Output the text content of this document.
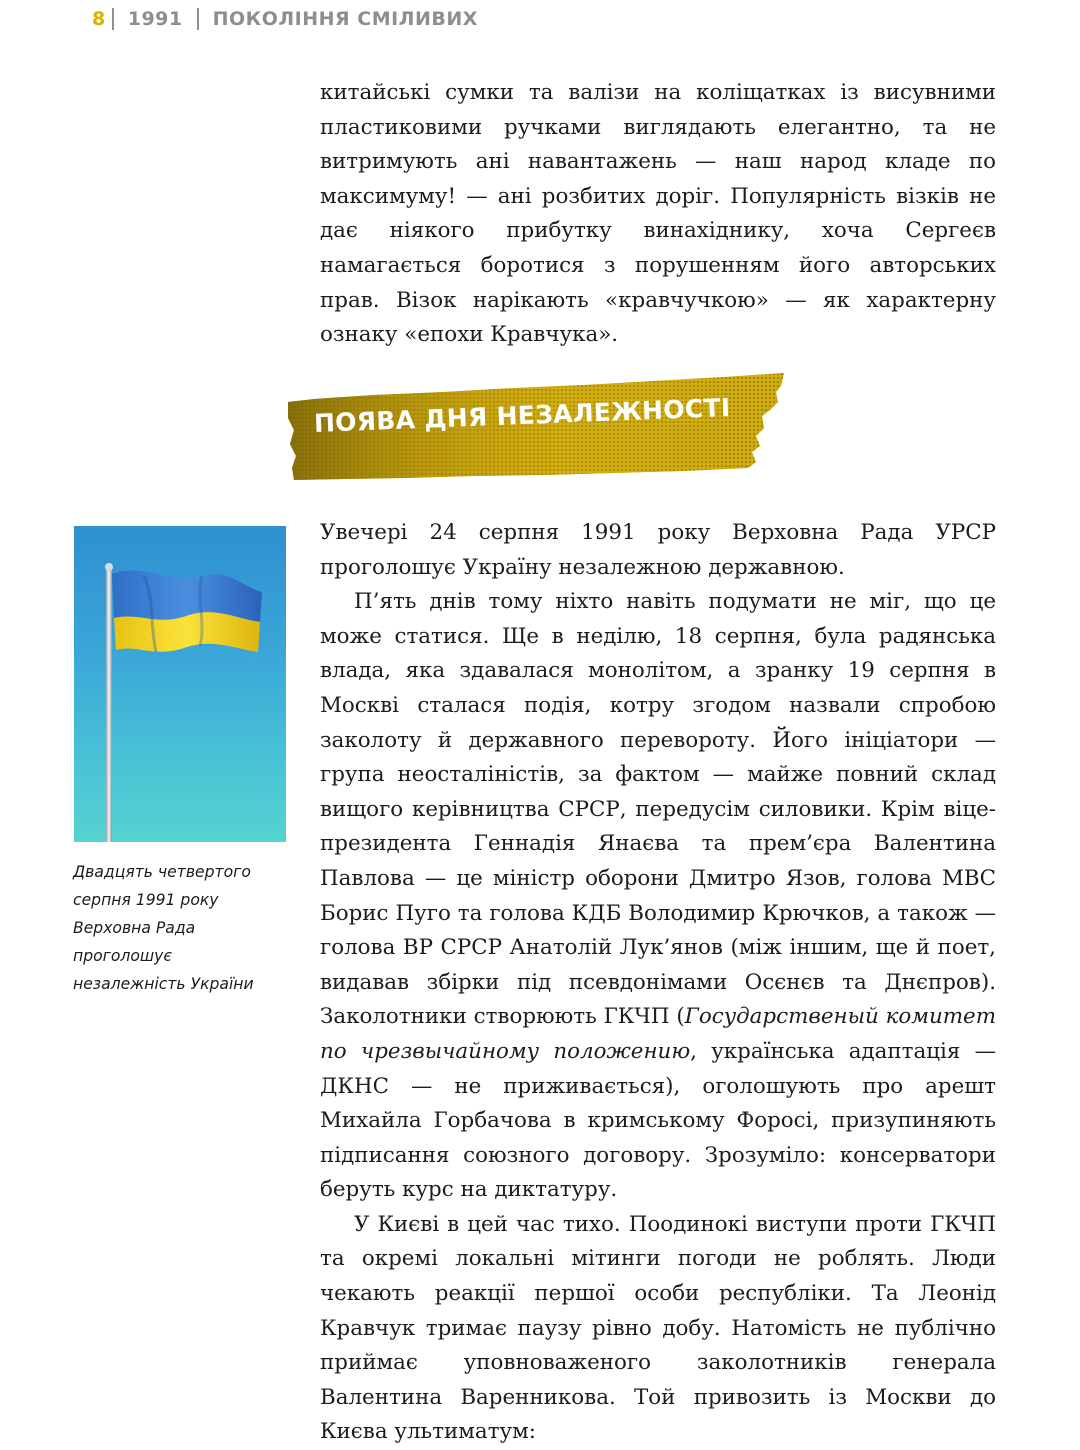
8 1991 ПОКОЛІННЯ СМІЛИВИХ

китайські сумки та валізи на коліщатках із висувними пластиковими ручками виглядають елегантно, та не витримують ані навантажень — наш народ кладе по максимуму! — ані розбитих доріг. Популярність візків не дає ніякого прибутку винахіднику, хоча Сергеєв намагається боротися з порушенням його авторських прав. Візок нарікають «кравчучкою» — як характерну ознаку «епохи Кравчука».

ПОЯВА ДНЯ НЕЗАЛЕЖНОСТІ
Двадцять четвертого
серпня 1991 року
Верховна Рада
проголошує
незалежність України

Увечері 24 серпня 1991 року Верховна Рада УРСР проголошує Україну незалежною державною.

П’ять днів тому ніхто навіть подумати не міг, що це може статися. Ще в неділю, 18 серпня, була радянська влада, яка здавалася монолітом, а зранку 19 серпня в Москві сталася подія, котру згодом назвали спробою заколоту й державного перевороту. Його ініціатори — група неосталіністів, за фактом — майже повний склад вищого керівництва СРСР, передусім силовики. Крім віце-президента Геннадія Янаєва та прем’єра Валентина Павлова — це міністр оборони Дмитро Язов, голова МВС Борис Пуго та голова КДБ Володимир Крючков, а також — голова ВР СРСР Анатолій Лук’янов (між іншим, ще й поет, видавав збірки під псевдонімами Осєнєв та Днєпров). Заколотники створюють ГКЧП (Государственый комитет по чрезвычайному положению, українська адаптація — ДКНС — не приживається), оголошують про арешт Михайла Горбачова в кримському Форосі, призупиняють підписання союзного договору. Зрозуміло: консерватори беруть курс на диктатуру.

У Києві в цей час тихо. Поодинокі виступи проти ГКЧП та окремі локальні мітинги погоди не роблять. Люди чекають реакції першої особи республіки. Та Леонід Кравчук тримає паузу рівно добу. Натомість не публічно приймає уповноваженого заколотників генерала Валентина Варенникова. Той привозить із Москви до Києва ультиматум:
